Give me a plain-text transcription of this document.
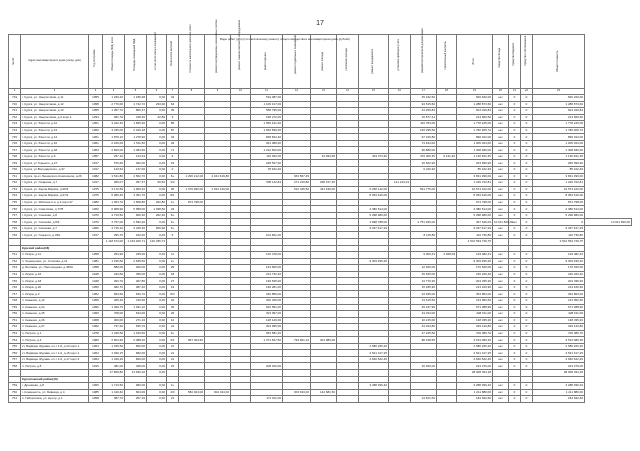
17
№ п/п	Адрес многоквартирного дома (улица, дом)	Год постройки	Общая площадь МКД, всего	Площадь помещений МКД	в том числе жилых помещений	Количество жителей	Стоимость капитального ремонта, всего	ремонт внутридомовых инженерных систем	ремонт, замена лифтового оборудования	ремонт крыши	ремонт подвальных помещений	ремонт фасада	утепление фасада	ремонт фундамента	установка приборов учета	разработка проектной документации	строительный контроль	Итого	Средства Фонда	Средства бюджета	Средства собственников	Общая стоимость	

1	2	3	4	5	6	7	8	9	10	11	12	13	14	15	16	17	18	19	20	21	22	23	
719	г. Курск, ул. Энергетиков, д.11	1955	1 230,20	1 186,98	0,00	43				519 387,00						45 432,50		826 620,00	нет	0	0	820 220,00	
720	г. Курск, ул. Энергетиков, д.12	1958	2 779,00	1 742,72	233,00	64				1 109 317,00						94 515,60		1 288 873,60	нет	0	0	1 288 873,60	
721	г. Курск, ул. Энергетиков, д.13	1955	1 357,70	866,37	0,00	35				558 795,00						44 259,84		604 016,84	нет	0	0	604 016,84	
722	г. Курск, ул. Энергетиков, д.2 корп.1	1934	481,70	418,20	42,80	9				198 272,00						15 877,44		213 660,60	нет	0	0	213 660,60	
723	г. Курск, ул. Юности, д.12	1961	3 422,40	1 665,20	0,00	85				1 650 441,00						116 784,00		1 778 225,00	нет	0	0	1 778 225,00	
724	г. Курск, ул. Юности, д.13	1960	3 435,00	2 016,18	0,00	87				1 652 590,00						126 235,50		1 782 905,72	нет	0	0	1 782 905,72	
725	г. Курск, ул. Юности, д.14	1961	1 879,10	1 278,90	0,00	43				828 844,40						67 166,80		896 012,00	нет	0	0	896 012,00	
726	г. Курск, ул. Юности, д.16	1961	2 166,00	1 511,50	0,00	49				931 380,00						73 644,00		1 005 024,00	нет	0	0	1 005 024,00	
727	г. Курск, ул. Юности, д.18	1963	2 820,00	1 484,50	0,00	71				1 212 600,00						95 880,00		1 308 480,00	нет	0	0	1 308 480,00	
728	г. Курск, ул. Юности, д.9	1957	257,10	144,33	0,00	6				116 932,00		34 993,68		493 374,90		476 406,35	9 141,40	1 130 841,35	нет	0	0	1 130 841,35	
729	г. Курск, ул.Горького, д.27	1917	576,60	362,00	0,00	19				248 537,00						15 662,90		264 699,90	нет	0	0	265 699,90	
730	г. Курск, ул.Володарского, д.37	1917	143,54	137,00	0,00	0				78 922,20						6 240,30		85 162,49	нет	0	0	85 162,49	
731	г. Курск, пр-кт Ленинского Комсомола, д.26	1982	3 541,80	2 562,70	0,00	8+	1 206 212,00	2 041 619,80			663 567,45							3 831 399,00	нет	0	0	3 831 399,00	
732	г. Курск, ул. Гагарина, д.7	1917	366,07	457,37	66,50	3/4				595 112,84	271 219,80	258 157,35			141 213,24			1 249 702,81	нет	0	0	1 249 702,81	
733	г. Курск, ул. Карла Маркса, д.66/3	1975	3 172,59	1 960,32	0,00	30	1 079 990,00	1 631 129,00			612 445,50	431 196,00		6 258 142,00		591 776,00		10 574 102,00	нет	0	0	10 574 102,00	
734	г. Курск, ул. Карла Маркса, д.67/2	1975	5 280,36	3 351,76	0,00	8/1								8 053 616,00				8 053 616,00	нет	0	0	8 053 616,00	
735	г. Курск, ул. Рабочая 2-я, д.4 корп.47	1980	1 964,70	1 508,80	262,80	3+	874 798,00											674 798,00	нет	0	0	874 798,00	
736	г. Курск, ул. Советская, д.77/8	1960	6 908,90	5 958,00	1 038,50	43								2 380 514,00				2 380 514,00	нет	0	0	2 380 514,00	
737	г. Курск, ул. Союзная, д.8	1970	4 713,50	606,30	202,30	8+								5 298 980,00				5 298 980,00	нет	0	0	5 298 980,00	
738	г. Курск, ул. Союзная, д.8/4	1979	4 757,00	2 590,46	0,00	9+								4 838 788,00		4 751 266,00		397 546,00	10 011 820,00	нет	0	0	10 011 820,00
739	г. Курск, ул. Союзная, д.7	1960	4 715,10	3 345,30	506,90	9+								9 337 617,29				9 337 617,29	нет	0	0	9 337 617,29	
740	г. Курск, ул. Горького, д.39А	1917	256,70	162,00	0,00	5				102 841,00						8 115,80		110 736,80	нет	0	0	110 736,80	
			1 118 674,00	1 163 306,71	120 335,73													2 501 593 749,75				2 501 593 749,75	
	Курский район(18)																						
741	п. Искра, д.11	1958	254,90	235,00	0,00	11				120 478,00						9 006,43	2 028,09	129 482,43	нет	0	0	129 482,43	
742	п. Черемушки, ул. Солнова, д.21	1981	1 196,60	2 625,60	0,00	2+								9 303 495,20				9 303 495,20	нет	0	0	9 303 495,20	
743	д. Беловка, ул. Пригородная, д.465А	1958	580,00	300,00	0,00	25				163 605,00						12 920,00		176 520,00	нет	0	0	176 520,00	
744	п. Искра, д.16	1948	443,60	396,00	0,00	18				214 732,40						15 520,00		230 220,40	нет	0	0	230 220,40	
745	п. Искра, д.18	1948	363,70	307,80	0,00	27				190 545,00						13 770,30		204 335,30	нет	0	0	204 335,30	
746	п. Искра, д.20	1950	482,70	387,40	0,00	19				196 281,00						15 185,90		213 166,90	нет	0	0	213 166,90	
747	п. Искра, д.2	1962	663,60	629,70	0,00	8/3				330 856,00						23 935,00		354 863,00	нет	0	0	354 863,00	
748	п. Камыши, д.12	1959	465,30	416,50	0,00	22				200 325,00						13 615,60		213 952,60	нет	0	0	213 952,60	
749	п. Камыши, д.24	1956	1 469,70	1 031,10	0,00	45				622 591,00						49 197,90		671 288,90	нет	0	0	671 288,90	
750	п. Камыши, д.25	1960	708,00	634,00	0,00	26				303 097,00						24 034,00		328 611,00	нет	0	0	328 611,00	
751	п. Камыши, д.26	1968	300,00	271,10	0,00	12				128 120,00						10 215,00		138 335,20	нет	0	0	138 335,20	
752	п. Камыши, д.27	1962	737,20	639,70	0,00	24				304 995,00						24 044,80		329 140,80	нет	0	0	329 140,80	
753	п. Петрин, д.1	1978	1 349,50	1 190,00	0,00	9+				653 581,20						47 225,50		700 386,70	нет	0	0	700 386,70	
754	п. Петрин, д.3	1983	2 504,90	2 488,20	0,00	3/1	957 404,50			1 371 607,50	793 841,12	301 986,00				88 198,55		3 513 080,35	нет	0	0	3 513 080,35	
755	ст. Варваре Журава, кл-т 1-й, д.13 корп.1	1964	1 349,50	826,00	0,00	21								2 580 266,20				2 580 266,20	нет	0	0	2 580 266,20	
756	ст. Варваре Журава, кл-т 1-й, д.15 корп.1	1964	1 030,15	682,00	0,00	21								2 541 317,25				2 541 317,25	нет	0	0	2 541 317,25	
757	ст. Варваре Журава, кл-т 1-й, д.17 корп.3	1964	1 349,20	826,00	0,00	21								2 660 622,46				2 660 622,46	нет	0	0	2 660 622,46	
758	п. Петрин, д.8	1916	481,00	428,00	0,00	15				208 916,00						15 360,00		223 276,00	нет	0	0	223 276,00	
			17 808,80	14 396,10	0,00													28 008 034,18				28 008 034,18	
	Курчатовский район(10)																						
759	г. Дроняево, д.8	1960	1 713,50	966,00	0,00	3+								3 288 396,40				3 288 396,40	нет	0	0	3 288 396,40	
760	г. Клевеность, ул. Бивкевд, д.4	1985	1 419,40	604,00	0,00	4/3	582 024,00	602 434,00			303 633,00	142 681,50						1 211 880,00	нет	0	0	1 211 880,00	
761	п. Габорлинка, ул. Центр, д.1	1958	387,70	257,10	0,00	21				171 911,00						13 521,60		184 632,60	нет	0	0	184 632,60	
Виды работ (услуг) по капитальному ремонту общего имущества в многоквартирном доме (рублей)
